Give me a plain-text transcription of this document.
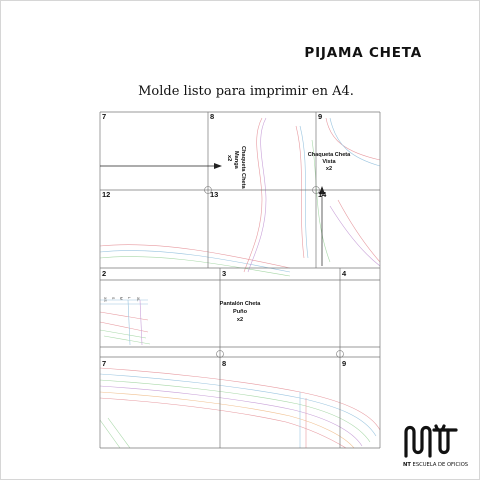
PIJAMA CHETA
Molde listo para imprimir en A4.
7	8	9
12	13	14
2	3	4
7	8	9
XS S M L XL
Chaqueta Cheta
Manga
x2	Chaqueta Cheta
Vista
x2
Pantalón Cheta
Puño
x2
NT ESCUELA DE OFICIOS
